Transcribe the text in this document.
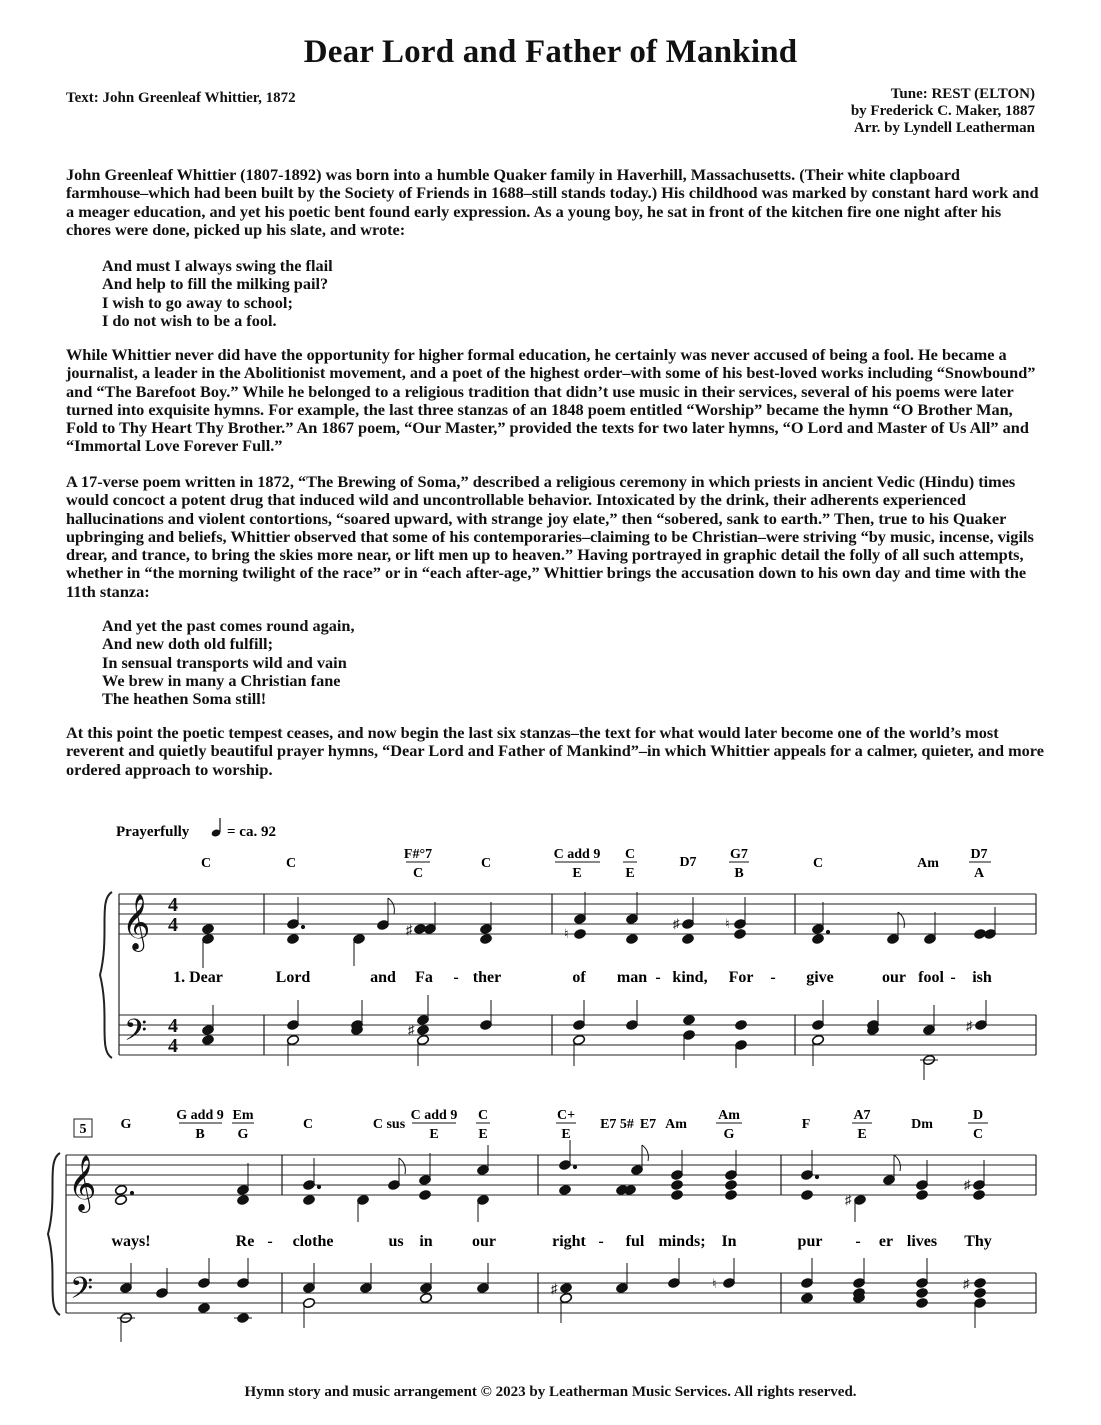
Dear Lord and Father of Mankind
Text: John Greenleaf Whittier, 1872	Tune: REST (ELTON)
by Frederick C. Maker, 1887
Arr. by Lyndell Leatherman

John Greenleaf Whittier (1807-1892) was born into a humble Quaker family in Haverhill, Massachusetts. (Their white clapboard farmhouse–which had been built by the Society of Friends in 1688–still stands today.) His childhood was marked by constant hard work and a meager education, and yet his poetic bent found early expression. As a young boy, he sat in front of the kitchen fire one night after his chores were done, picked up his slate, and wrote:

And must I always swing the flail
And help to fill the milking pail?
I wish to go away to school;
I do not wish to be a fool.

While Whittier never did have the opportunity for higher formal education, he certainly was never accused of being a fool. He became a journalist, a leader in the Abolitionist movement, and a poet of the highest order–with some of his best-loved works including “Snowbound” and “The Barefoot Boy.” While he belonged to a religious tradition that didn’t use music in their services, several of his poems were later turned into exquisite hymns. For example, the last three stanzas of an 1848 poem entitled “Worship” became the hymn “O Brother Man, Fold to Thy Heart Thy Brother.” An 1867 poem, “Our Master,” provided the texts for two later hymns, “O Lord and Master of Us All” and “Immortal Love Forever Full.”

A 17-verse poem written in 1872, “The Brewing of Soma,” described a religious ceremony in which priests in ancient Vedic (Hindu) times would concoct a potent drug that induced wild and uncontrollable behavior. Intoxicated by the drink, their adherents experienced hallucinations and violent contortions, “soared upward, with strange joy elate,” then “sobered, sank to earth.” Then, true to his Quaker upbringing and beliefs, Whittier observed that some of his contemporaries–claiming to be Christian–were striving “by music, incense, vigils drear, and trance, to bring the skies more near, or lift men up to heaven.” Having portrayed in graphic detail the folly of all such attempts, whether in “the morning twilight of the race” or in “each after-age,” Whittier brings the accusation down to his own day and time with the 11th stanza:

And yet the past comes round again,
And new doth old fulfill;
In sensual transports wild and vain
We brew in many a Christian fane
The heathen Soma still!

At this point the poetic tempest ceases, and now begin the last six stanzas–the text for what would later become one of the world’s most reverent and quietly beautiful prayer hymns, “Dear Lord and Father of Mankind”–in which Whittier appeals for a calmer, quieter, and more ordered approach to worship.

Prayerfully	= ca. 92
C	C
F#°7
C
C
C add 9
E
C
E
D7
G7
B
C	Am
D7
A
𝄞
𝄢
4
4
4
4
♯	♮
♯	♮
1. Dear	Lord	and Fa - ther	of man - kind, For - give	our fool - ish
♯	♯
5 G
G add 9
B
Em
G
C	C sus
C add 9
E
C
E
C+
E
E7 5# E7 Am
Am
G
F
A7
E
Dm
D
C
𝄞
𝄢
♯
♯
ways!	Re - clothe	us in our	right - ful minds; In	pur - er lives Thy
♯	♮	♯
Hymn story and music arrangement © 2023 by Leatherman Music Services. All rights reserved.
